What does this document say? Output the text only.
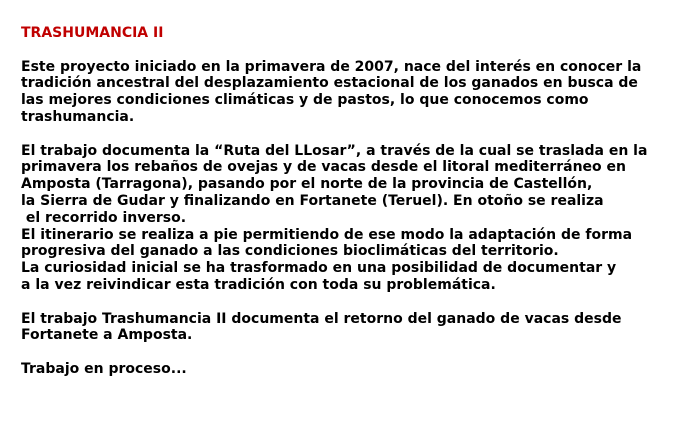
TRASHUMANCIA II
Este proyecto iniciado en la primavera de 2007, nace del interés en conocer la
tradición ancestral del desplazamiento estacional de los ganados en busca de
las mejores condiciones climáticas y de pastos, lo que conocemos como
trashumancia.
El trabajo documenta la “Ruta del LLosar”, a través de la cual se traslada en la
primavera los rebaños de ovejas y de vacas desde el litoral mediterráneo en
Amposta (Tarragona), pasando por el norte de la provincia de Castellón,
la Sierra de Gudar y finalizando en Fortanete (Teruel). En otoño se realiza
el recorrido inverso.
El itinerario se realiza a pie permitiendo de ese modo la adaptación de forma
progresiva del ganado a las condiciones bioclimáticas del territorio.
La curiosidad inicial se ha trasformado en una posibilidad de documentar y
a la vez reivindicar esta tradición con toda su problemática.
El trabajo Trashumancia II documenta el retorno del ganado de vacas desde
Fortanete a Amposta.
Trabajo en proceso...
